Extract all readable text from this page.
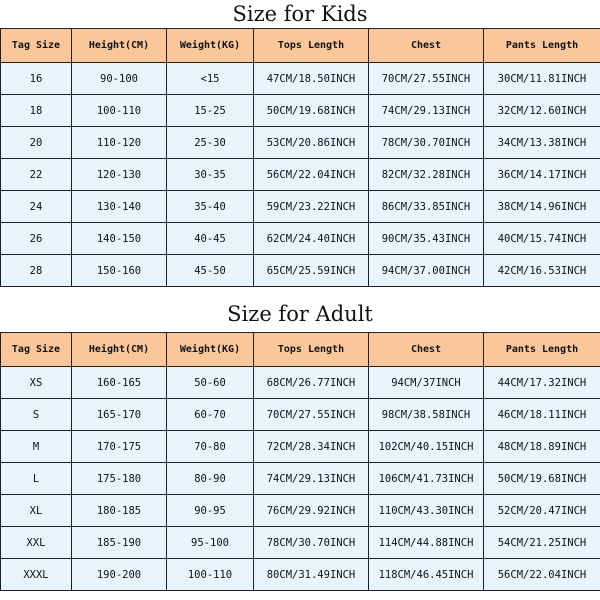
Size for Kids
Tag Size	Height(CM)	Weight(KG)	Tops Length	Chest	Pants Length
16	90-100	<15	47CM/18.50INCH	70CM/27.55INCH	30CM/11.81INCH
18	100-110	15-25	50CM/19.68INCH	74CM/29.13INCH	32CM/12.60INCH
20	110-120	25-30	53CM/20.86INCH	78CM/30.70INCH	34CM/13.38INCH
22	120-130	30-35	56CM/22.04INCH	82CM/32.28INCH	36CM/14.17INCH
24	130-140	35-40	59CM/23.22INCH	86CM/33.85INCH	38CM/14.96INCH
26	140-150	40-45	62CM/24.40INCH	90CM/35.43INCH	40CM/15.74INCH
28	150-160	45-50	65CM/25.59INCH	94CM/37.00INCH	42CM/16.53INCH
Size for Adult
Tag Size	Height(CM)	Weight(KG)	Tops Length	Chest	Pants Length
XS	160-165	50-60	68CM/26.77INCH	94CM/37INCH	44CM/17.32INCH
S	165-170	60-70	70CM/27.55INCH	98CM/38.58INCH	46CM/18.11INCH
M	170-175	70-80	72CM/28.34INCH	102CM/40.15INCH	48CM/18.89INCH
L	175-180	80-90	74CM/29.13INCH	106CM/41.73INCH	50CM/19.68INCH
XL	180-185	90-95	76CM/29.92INCH	110CM/43.30INCH	52CM/20.47INCH
XXL	185-190	95-100	78CM/30.70INCH	114CM/44.88INCH	54CM/21.25INCH
XXXL	190-200	100-110	80CM/31.49INCH	118CM/46.45INCH	56CM/22.04INCH
